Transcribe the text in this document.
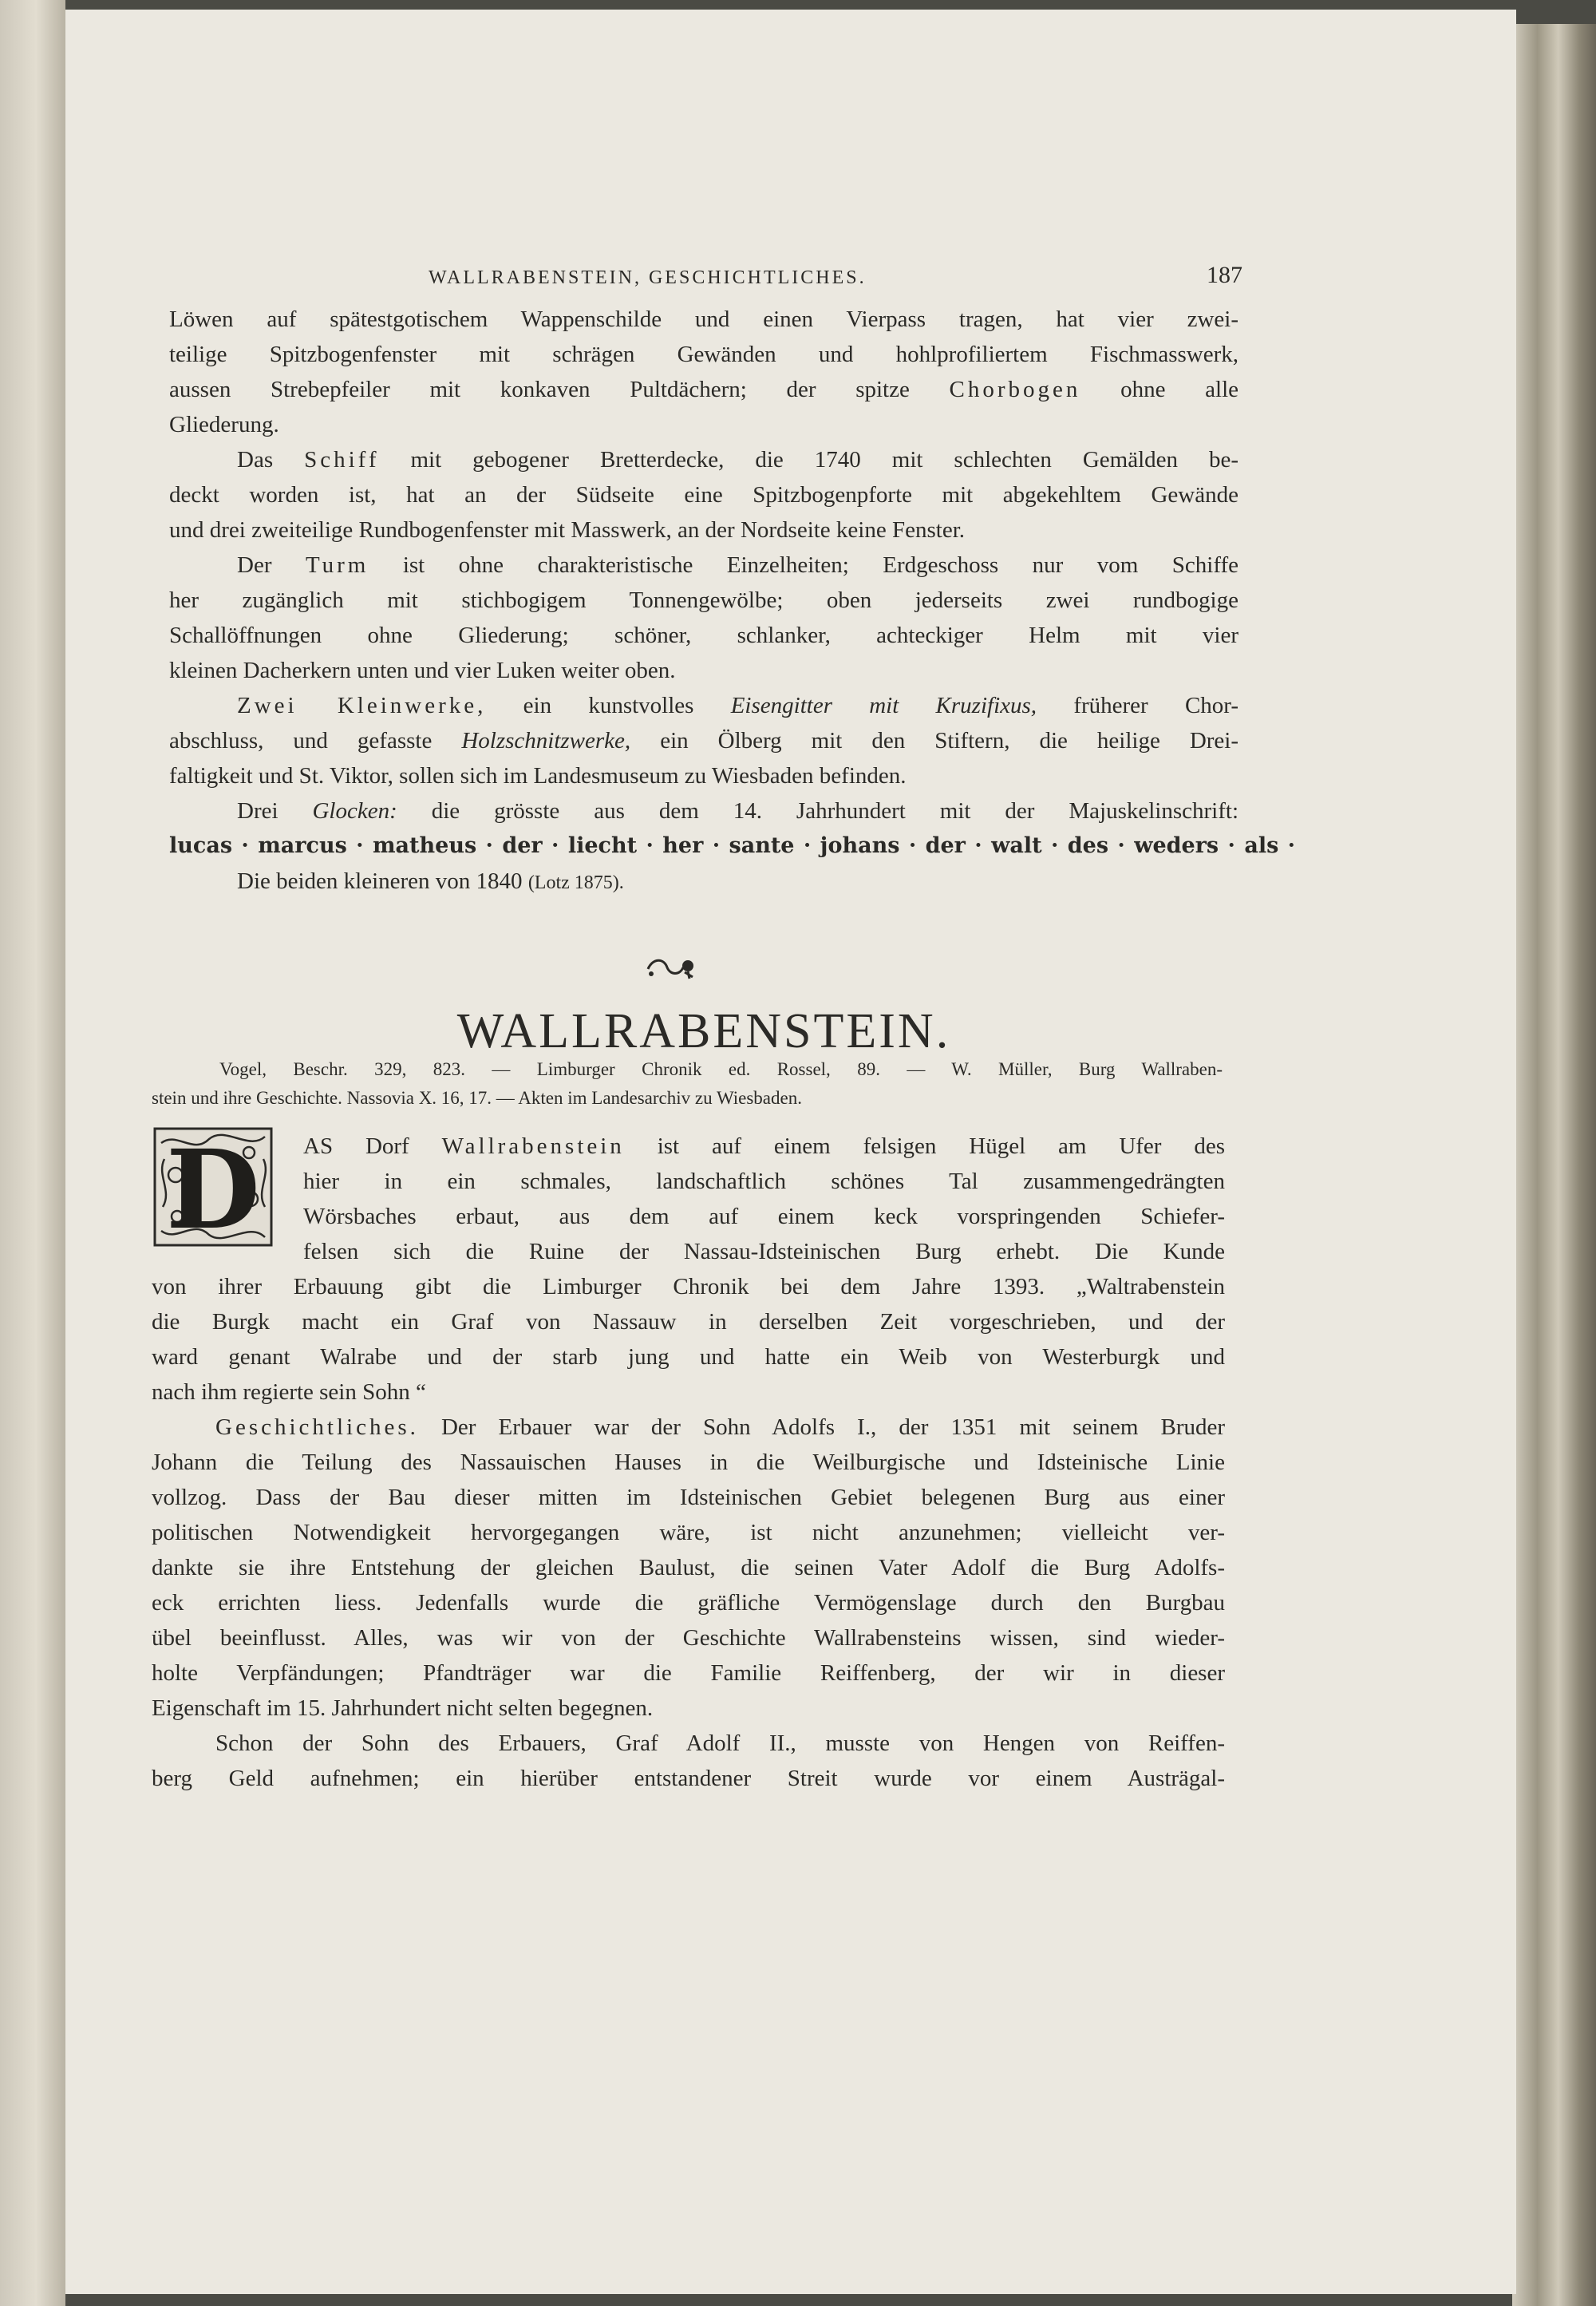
WALLRABENSTEIN, GESCHICHTLICHES.	187
Löwen auf spätestgotischem Wappenschilde und einen Vierpass tragen, hat vier zwei-
teilige Spitzbogenfenster mit schrägen Gewänden und hohlprofiliertem Fischmasswerk,
aussen Strebepfeiler mit konkaven Pultdächern; der spitze Chorbogen ohne alle
Gliederung.
Das Schiff mit gebogener Bretterdecke, die 1740 mit schlechten Gemälden be-
deckt worden ist, hat an der Südseite eine Spitzbogenpforte mit abgekehltem Gewände
und drei zweiteilige Rundbogenfenster mit Masswerk, an der Nordseite keine Fenster.
Der Turm ist ohne charakteristische Einzelheiten; Erdgeschoss nur vom Schiffe
her zugänglich mit stichbogigem Tonnengewölbe; oben jederseits zwei rundbogige
Schallöffnungen ohne Gliederung; schöner, schlanker, achteckiger Helm mit vier
kleinen Dacherkern unten und vier Luken weiter oben.
Zwei Kleinwerke, ein kunstvolles Eisengitter mit Kruzifixus, früherer Chor-
abschluss, und gefasste Holzschnitzwerke, ein Ölberg mit den Stiftern, die heilige Drei-
faltigkeit und St. Viktor, sollen sich im Landesmuseum zu Wiesbaden befinden.
Drei Glocken: die grösste aus dem 14. Jahrhundert mit der Majuskelinschrift:
lucas · marcus · matheus · der · liecht · her · sante · johans · der · walt · des · weders · als ·
Die beiden kleineren von 1840 (Lotz 1875).
WALLRABENSTEIN.
Vogel, Beschr. 329, 823. — Limburger Chronik ed. Rossel, 89. — W. Müller, Burg Wallraben-
stein und ihre Geschichte. Nassovia X. 16, 17. — Akten im Landesarchiv zu Wiesbaden.
D	AS Dorf Wallrabenstein ist auf einem felsigen Hügel am Ufer des
hier in ein schmales, landschaftlich schönes Tal zusammengedrängten
Wörsbaches erbaut, aus dem auf einem keck vorspringenden Schiefer-
felsen sich die Ruine der Nassau-Idsteinischen Burg erhebt. Die Kunde
von ihrer Erbauung gibt die Limburger Chronik bei dem Jahre 1393. „Waltrabenstein
die Burgk macht ein Graf von Nassauw in derselben Zeit vorgeschrieben, und der
ward genant Walrabe und der starb jung und hatte ein Weib von Westerburgk und
nach ihm regierte sein Sohn “
Geschichtliches. Der Erbauer war der Sohn Adolfs I., der 1351 mit seinem Bruder
Johann die Teilung des Nassauischen Hauses in die Weilburgische und Idsteinische Linie
vollzog. Dass der Bau dieser mitten im Idsteinischen Gebiet belegenen Burg aus einer
politischen Notwendigkeit hervorgegangen wäre, ist nicht anzunehmen; vielleicht ver-
dankte sie ihre Entstehung der gleichen Baulust, die seinen Vater Adolf die Burg Adolfs-
eck errichten liess. Jedenfalls wurde die gräfliche Vermögenslage durch den Burgbau
übel beeinflusst. Alles, was wir von der Geschichte Wallrabensteins wissen, sind wieder-
holte Verpfändungen; Pfandträger war die Familie Reiffenberg, der wir in dieser
Eigenschaft im 15. Jahrhundert nicht selten begegnen.
Schon der Sohn des Erbauers, Graf Adolf II., musste von Hengen von Reiffen-
berg Geld aufnehmen; ein hierüber entstandener Streit wurde vor einem Austrägal-
